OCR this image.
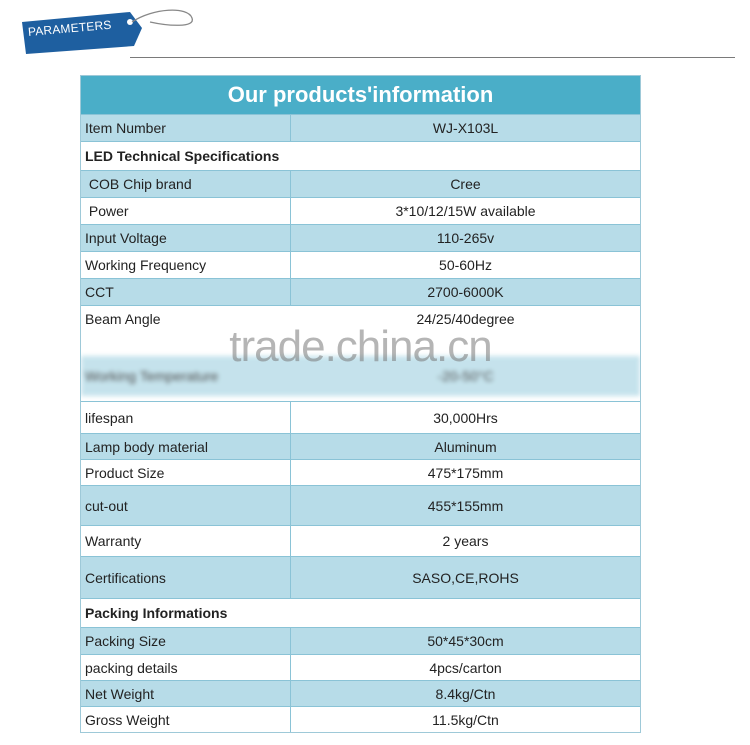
PARAMETERS
Our products'information
Item Number	WJ-X103L
LED Technical Specifications
COB Chip brand	Cree
Power	3*10/12/15W available
Input Voltage	110-265v
Working Frequency	50-60Hz
CCT	2700-6000K
Beam Angle	24/25/40degree
Working Temperature	-20-50°C
trade.china.cn
lifespan	30,000Hrs
Lamp body material	Aluminum
Product Size	475*175mm
cut-out	455*155mm
Warranty	2 years
Certifications	SASO,CE,ROHS
Packing Informations
Packing Size	50*45*30cm
packing details	4pcs/carton
Net Weight	8.4kg/Ctn
Gross Weight	11.5kg/Ctn
